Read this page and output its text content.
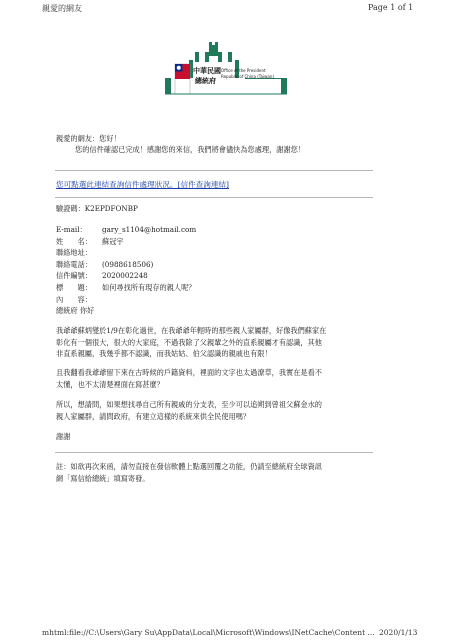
親愛的網友	Page 1 of 1
中華民國
總統府
Office of the President
Republic of China (Taiwan)
親愛的網友：您好！
您的信件確認已完成！感謝您的來信，我們將會儘快為您處理，謝謝您！
您可點選此連結查詢信件處理狀況。[信件查詢連結]
驗證碼：K2EPDFONBP
E-mail：	gary_s1104@hotmail.com
姓　　名：	蘇冠宇
聯絡地址：
聯絡電話：	(0988618506)
信件編號：	2020002248
標　　題：	如何尋找所有現存的親人呢？
內　　容：
總統府 你好
我爺爺蘇炳燮於1/9在彰化過世，在我爺爺年輕時的那些親人家屬群，好像我們蘇家在
彰化有一個很大，很大的大家庭，不過我除了父親輩之外的直系親屬才有認識，其他
非直系親屬，我幾乎都不認識，而我姑姑、伯父認識的親戚也有限！
且我翻看我爺爺留下來在古時候的戶籍資料，裡面的文字也太過潦草，我實在是看不
太懂，也不太清楚裡面在寫甚麼？
所以，想請問，如果想找尋自己所有親戚的分支表，至少可以追朔到曾祖父蘇金水的
親人家屬群，請問政府，有建立這樣的系統來供全民使用嗎？
謝謝
註：如欲再次來函，請勿直接在發信軟體上點選回覆之功能，仍請至總統府全球資訊
網「寫信給總統」填寫寄發。
mhtml:file://C:\Users\Gary Su\AppData\Local\Microsoft\Windows\INetCache\Content ... 2020/1/13
